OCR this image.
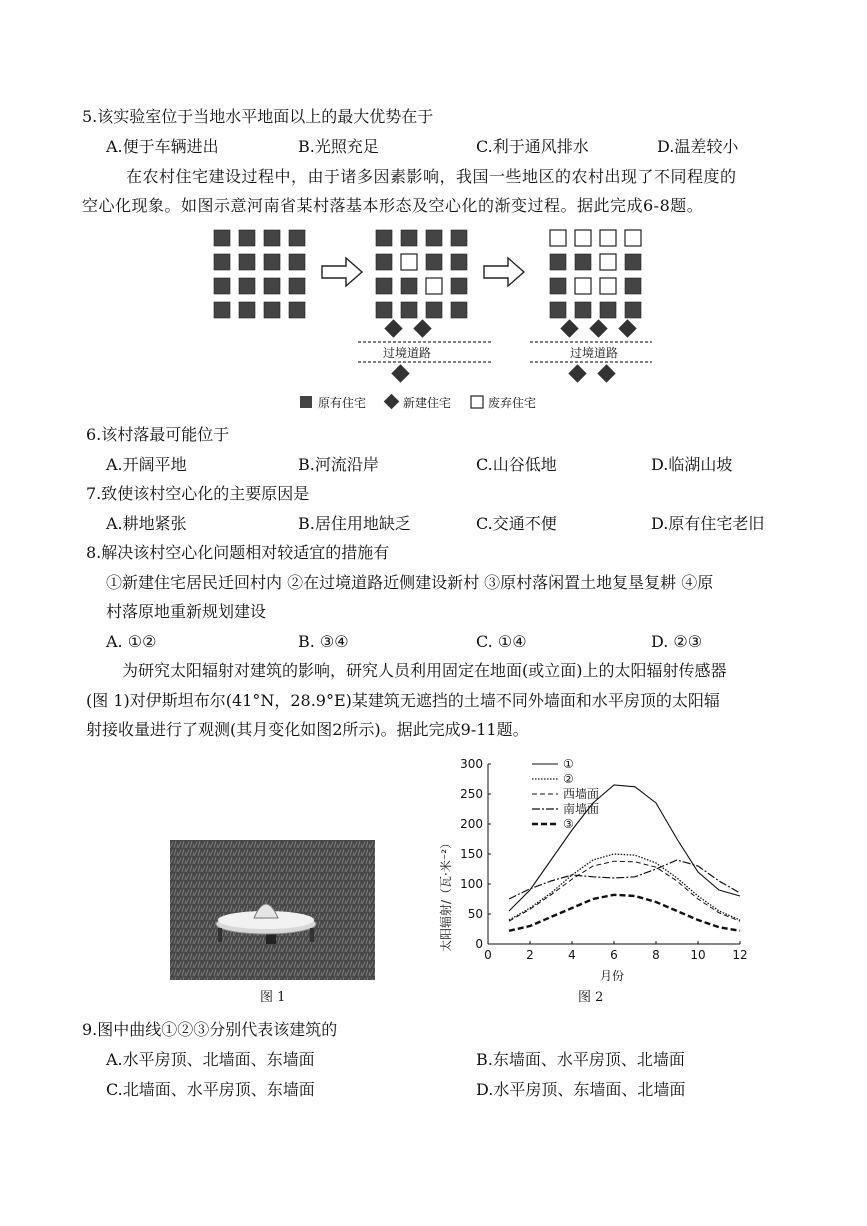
5.该实验室位于当地水平地面以上的最大优势在于
A.便于车辆进出	B.光照充足	C.利于通风排水	D.温差较小
在农村住宅建设过程中，由于诸多因素影响，我国一些地区的农村出现了不同程度的
空心化现象。如图示意河南省某村落基本形态及空心化的渐变过程。据此完成6-8题。
过境道路	过境道路
原有住宅	新建住宅	废弃住宅
6.该村落最可能位于
A.开阔平地	B.河流沿岸	C.山谷低地	D.临湖山坡
7.致使该村空心化的主要原因是
A.耕地紧张	B.居住用地缺乏	C.交通不便	D.原有住宅老旧
8.解决该村空心化问题相对较适宜的措施有
①新建住宅居民迁回村内 ②在过境道路近侧建设新村 ③原村落闲置土地复垦复耕 ④原
村落原地重新规划建设
A. ①②	B. ③④	C. ①④	D. ②③
为研究太阳辐射对建筑的影响，研究人员利用固定在地面(或立面)上的太阳辐射传感器
(图 1)对伊斯坦布尔(41°N，28.9°E)某建筑无遮挡的土墙不同外墙面和水平房顶的太阳辐
射接收量进行了观测(其月变化如图2所示)。据此完成9-11题。
图 1
0
50
100
150
200
250
300
0	2	4	6	8	10 12
①
②
西墙面
南墙面
③
太阳辐射/（瓦·米⁻²）
月份
图 2
9.图中曲线①②③分别代表该建筑的
A.水平房顶、北墙面、东墙面	B.东墙面、水平房顶、北墙面
C.北墙面、水平房顶、东墙面	D.水平房顶、东墙面、北墙面
